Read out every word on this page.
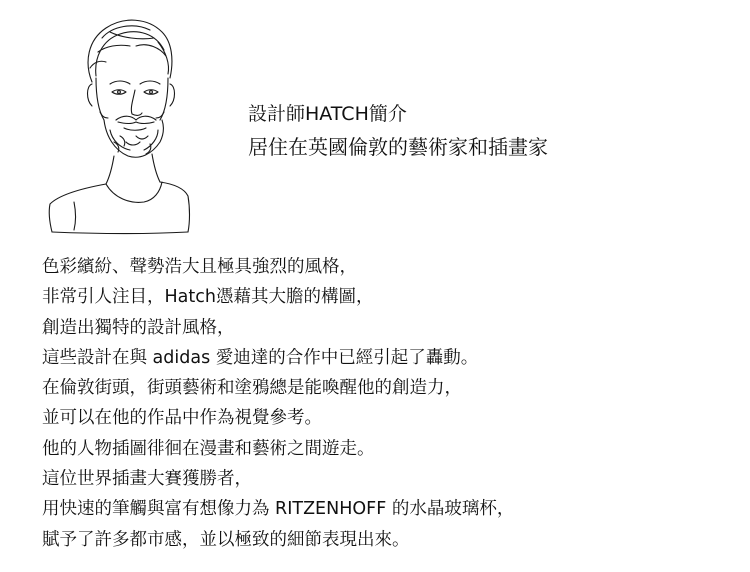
設計師HATCH簡介
居住在英國倫敦的藝術家和插畫家
色彩繽紛、聲勢浩大且極具強烈的風格，
非常引人注目，Hatch憑藉其大膽的構圖，
創造出獨特的設計風格，
這些設計在與 adidas 愛迪達的合作中已經引起了轟動。
在倫敦街頭，街頭藝術和塗鴉總是能喚醒他的創造力，
並可以在他的作品中作為視覺參考。
他的人物插圖徘徊在漫畫和藝術之間遊走。
這位世界插畫大賽獲勝者，
用快速的筆觸與富有想像力為 RITZENHOFF 的水晶玻璃杯，
賦予了許多都市感，並以極致的細節表現出來。
